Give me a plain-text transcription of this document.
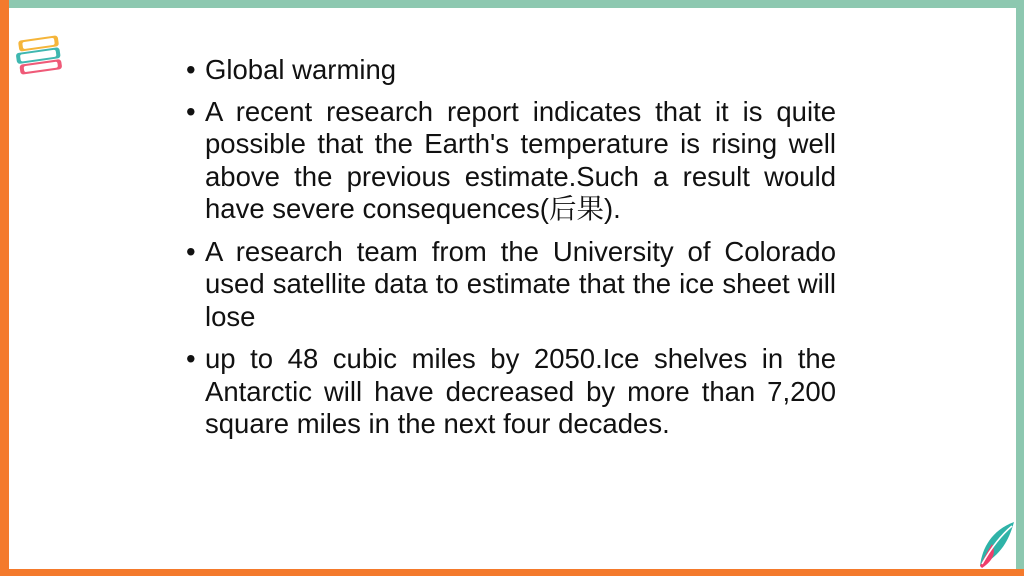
• Global warming
• A recent research report indicates that it is quite possible that the Earth's temperature is rising well above the previous estimate.Such a result would have severe consequences(后果).
• A research team from the University of Colorado used satellite data to estimate that the ice sheet will lose
• up to 48 cubic miles by 2050.Ice shelves in the Antarctic will have decreased by more than 7,200 square miles in the next four decades.
